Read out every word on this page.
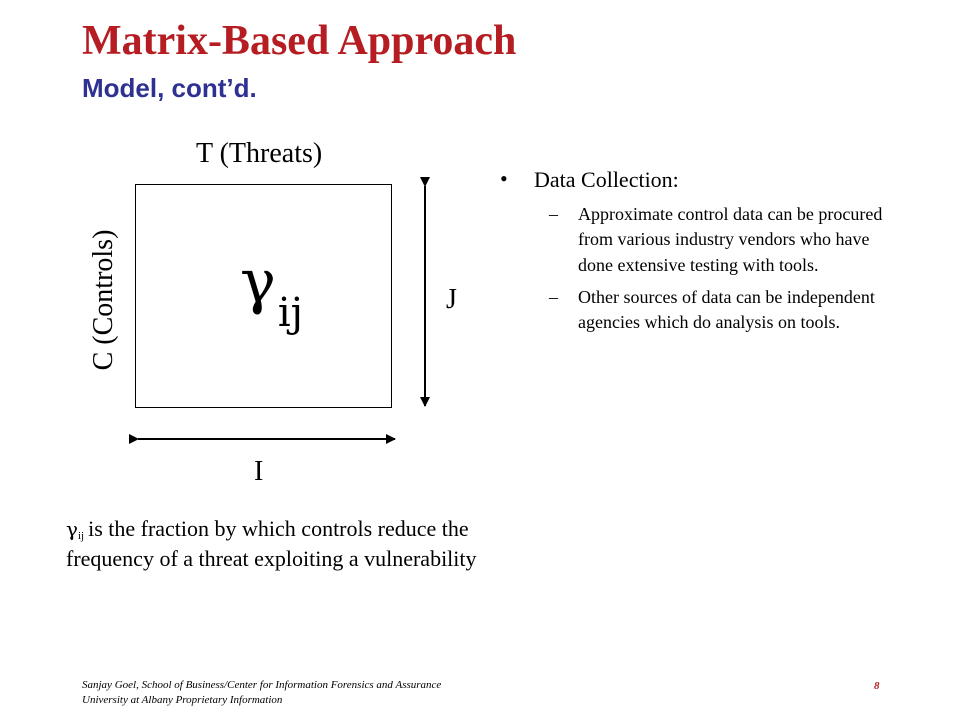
Matrix-Based Approach
Model, cont’d.
T (Threats)
C (Controls) $\gamma_{ij}$	J
I

γij is the fraction by which controls reduce the frequency of a threat exploiting a vulnerability

• Data Collection:
– Approximate control data can be procured from various industry vendors who have done extensive testing with tools.
– Other sources of data can be independent agencies which do analysis on tools.
Sanjay Goel, School of Business/Center for Information Forensics and Assurance
University at Albany Proprietary Information
8
